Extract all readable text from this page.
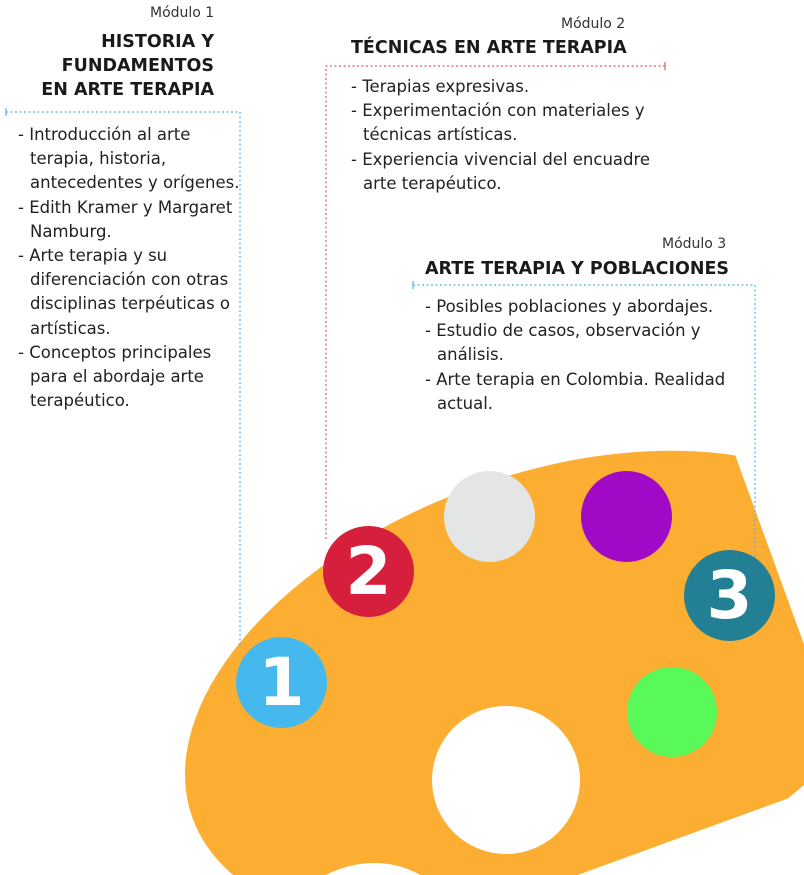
1
2	3
Módulo 1
HISTORIA Y
FUNDAMENTOS
EN ARTE TERAPIA
- Introducción al arte terapia, historia, antecedentes y orígenes.
- Edith Kramer y Margaret Namburg.
- Arte terapia y su diferenciación con otras disciplinas terpéuticas o artísticas.
- Conceptos principales para el abordaje arte terapéutico.
Módulo 2
TÉCNICAS EN ARTE TERAPIA
- Terapias expresivas.
- Experimentación con materiales y técnicas artísticas.
- Experiencia vivencial del encuadre arte terapéutico.
Módulo 3
ARTE TERAPIA Y POBLACIONES
- Posibles poblaciones y abordajes.
- Estudio de casos, observación y análisis.
- Arte terapia en Colombia. Realidad actual.
